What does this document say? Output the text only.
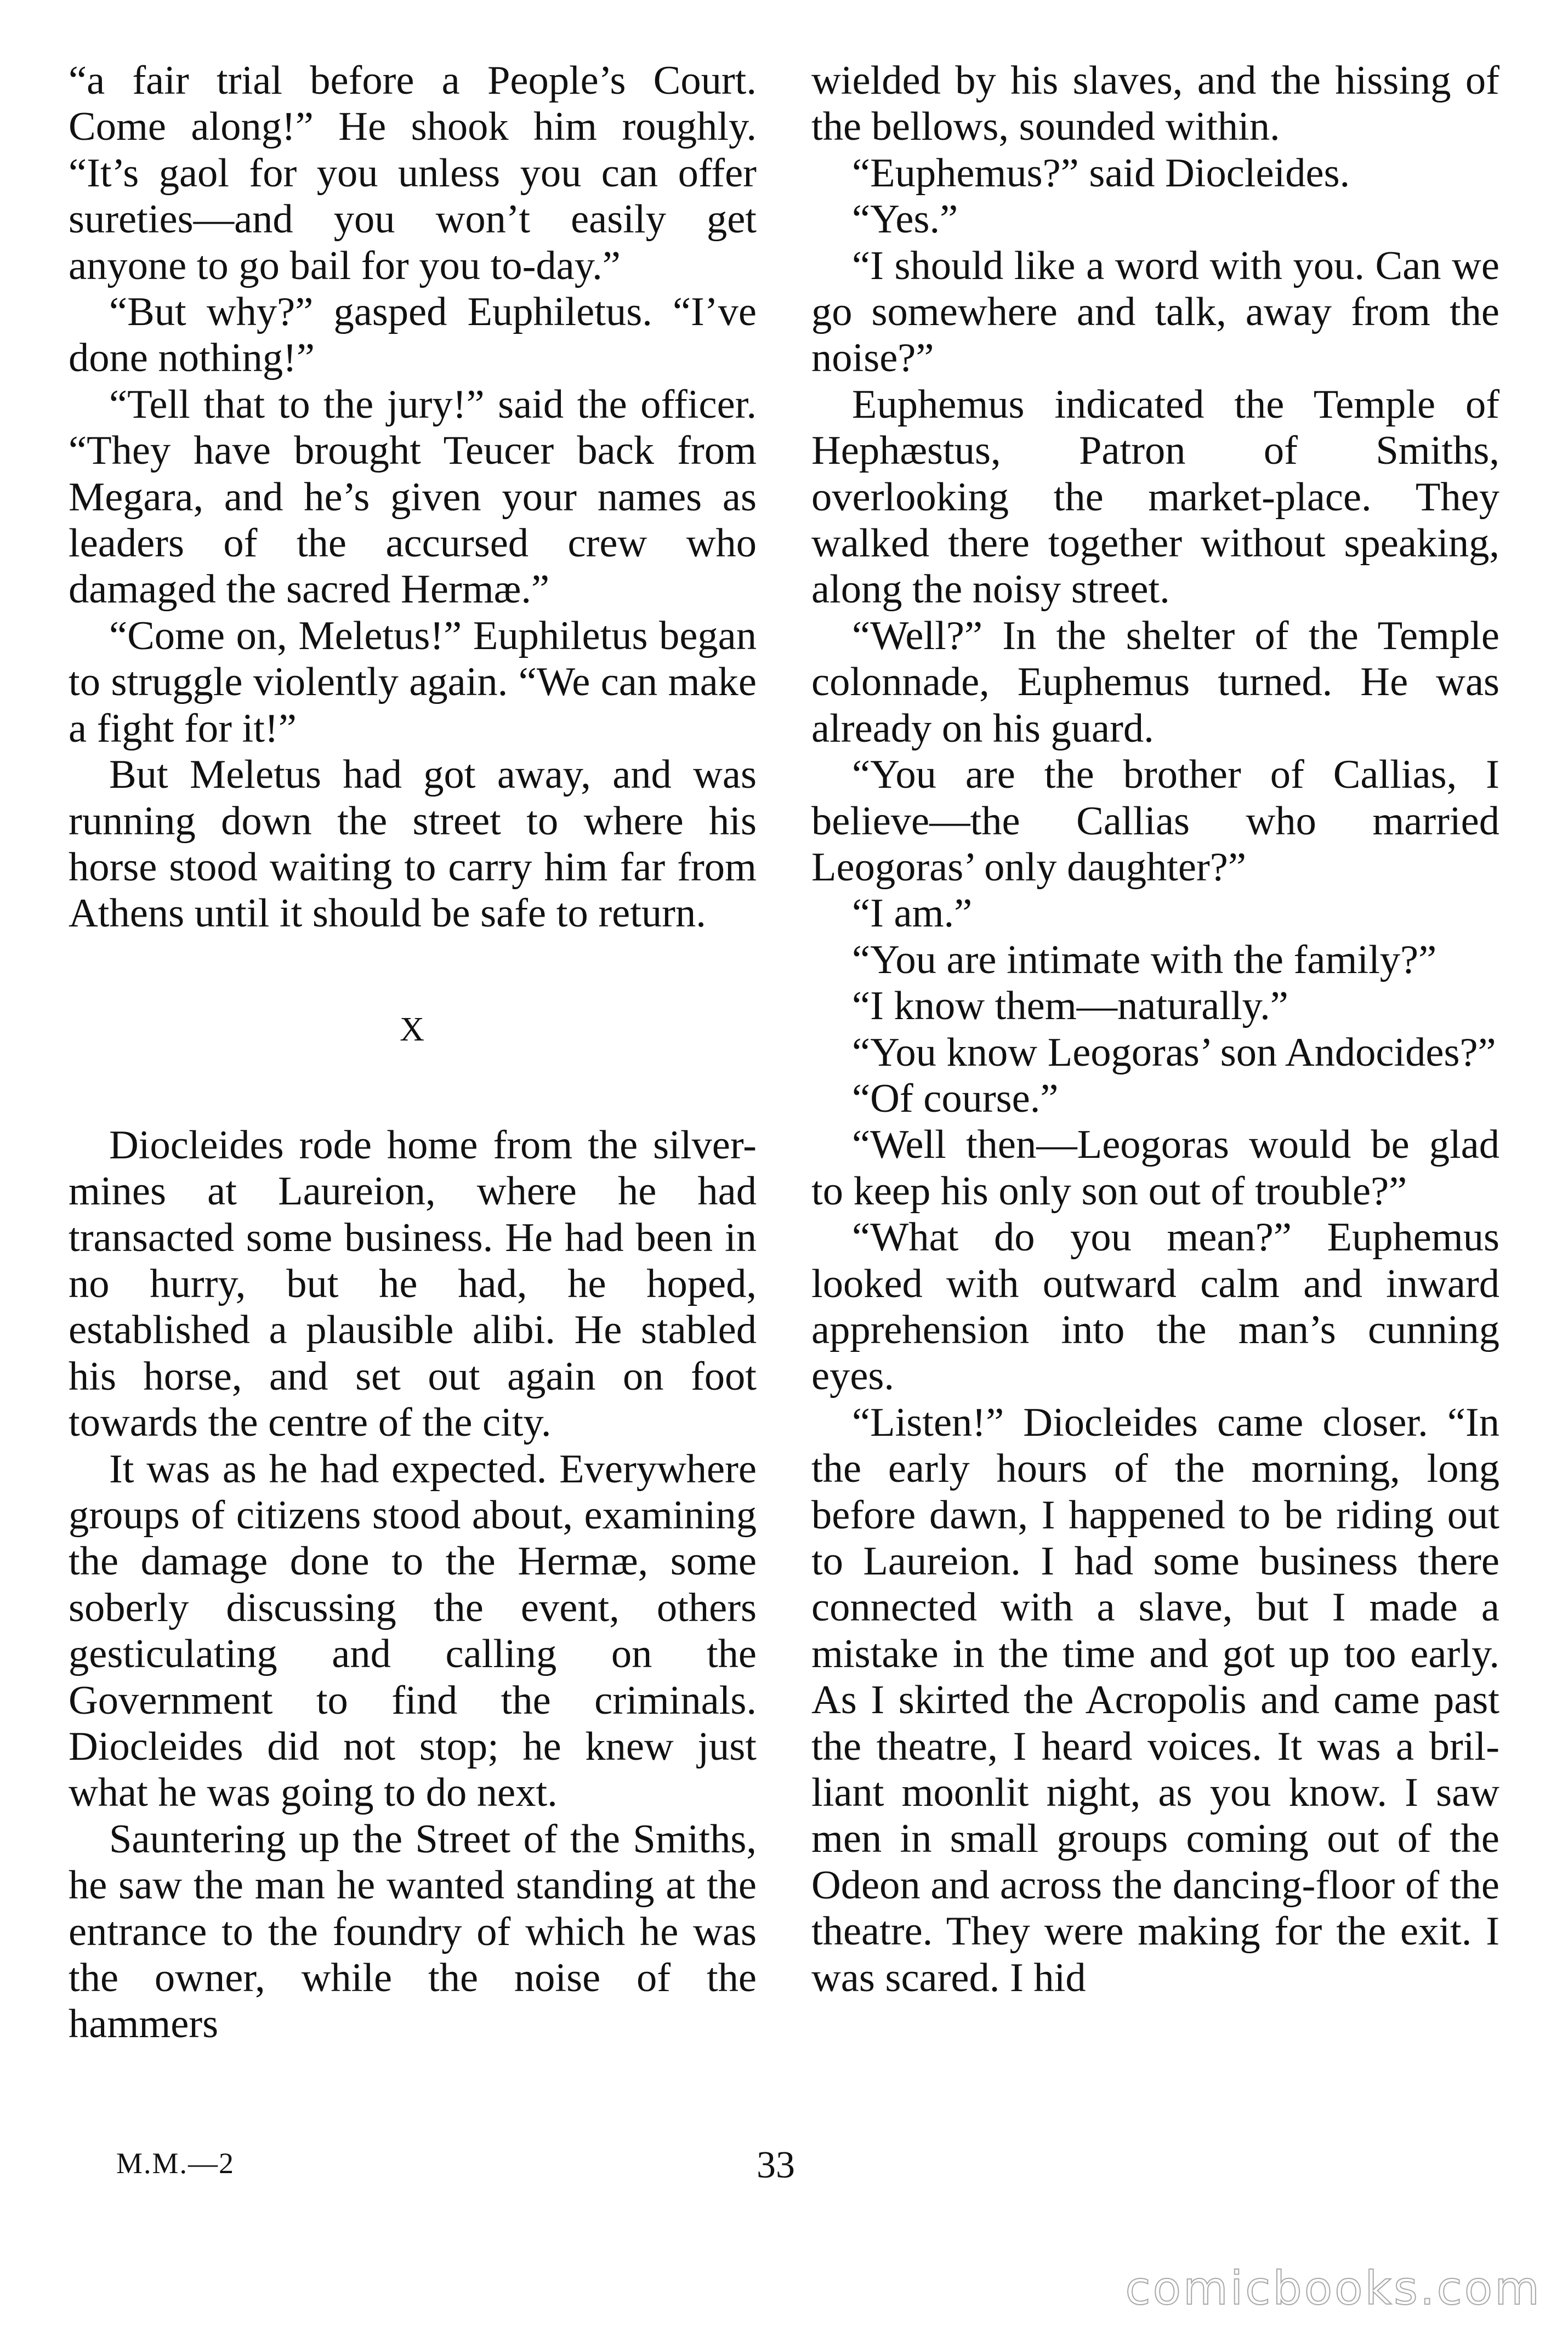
“a fair trial before a People’s Court. Come along!” He shook him roughly. “It’s gaol for you unless you can offer sureties—and you won’t easily get anyone to go bail for you to-day.”

“But why?” gasped Euphiletus. “I’ve done nothing!”

“Tell that to the jury!” said the officer. “They have brought Teucer back from Megara, and he’s given your names as leaders of the accursed crew who damaged the sacred Hermæ.”

“Come on, Meletus!” Euphiletus began to struggle violently again. “We can make a fight for it!”

But Meletus had got away, and was running down the street to where his horse stood waiting to carry him far from Athens until it should be safe to return.

X

Diocleides rode home from the silver-mines at Laureion, where he had transacted some business. He had been in no hurry, but he had, he hoped, established a plausible alibi. He stabled his horse, and set out again on foot towards the centre of the city.

It was as he had expected. Everywhere groups of citizens stood about, examining the damage done to the Hermæ, some soberly discussing the event, others gesticulating and calling on the Government to find the criminals. Diocleides did not stop; he knew just what he was going to do next.

Sauntering up the Street of the Smiths, he saw the man he wanted standing at the entrance to the foundry of which he was the owner, while the noise of the hammers

wielded by his slaves, and the hissing of the bellows, sounded within.

“Euphemus?” said Diocleides.

“Yes.”

“I should like a word with you. Can we go somewhere and talk, away from the noise?”

Euphemus indicated the Temple of Hephæstus, Patron of Smiths, overlooking the market-place. They walked there together without speaking, along the noisy street.

“Well?” In the shelter of the Temple colonnade, Euphemus turned. He was already on his guard.

“You are the brother of Callias, I believe—the Callias who married Leogoras’ only daughter?”

“I am.”

“You are intimate with the family?”

“I know them—naturally.”

“You know Leogoras’ son Andocides?”

“Of course.”

“Well then—Leogoras would be glad to keep his only son out of trouble?”

“What do you mean?” Euphemus looked with outward calm and inward apprehension into the man’s cunning eyes.

“Listen!” Diocleides came closer. “In the early hours of the morning, long before dawn, I happened to be riding out to Laureion. I had some business there connected with a slave, but I made a mistake in the time and got up too early. As I skirted the Acropolis and came past the theatre, I heard voices. It was a brilliant moonlit night, as you know. I saw men in small groups coming out of the Odeon and across the dancing-floor of the theatre. They were making for the exit. I was scared. I hid

M.M.—2	33
comicbooks.com
